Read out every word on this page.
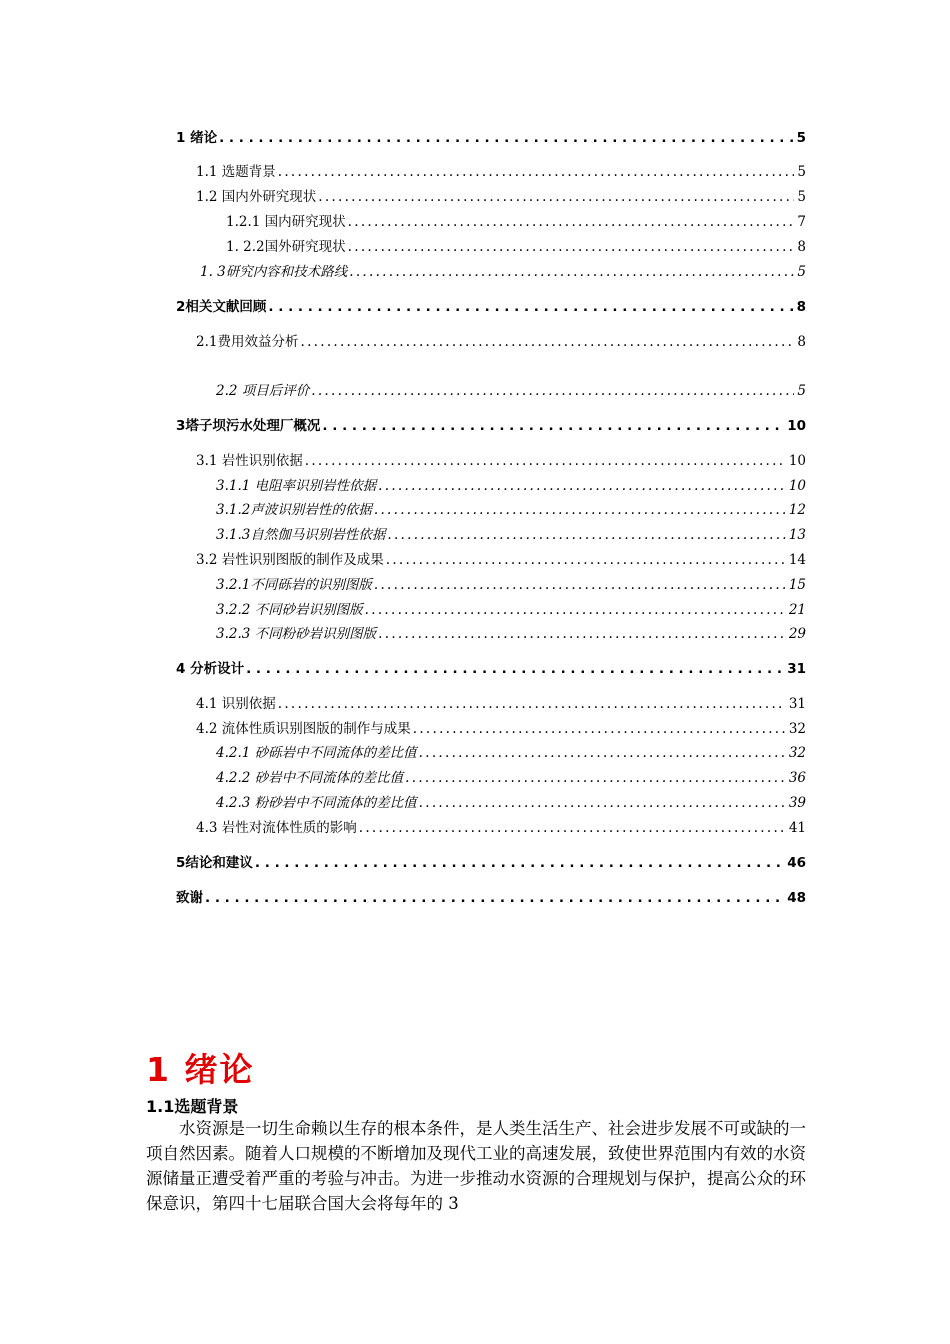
1 绪论 . . .	5
1.1 选题背景 . . .	5
1.2 国内外研究现状 . . .	5
1.2.1 国内研究现状 . . .	7
1. 2.2国外研究现状 . . .	8
1. 3研究内容和技术路线 . . .	5
2相关文献回顾 . . .	8
2.1费用效益分析 . . .	8
2.2 项目后评价 . . .	5
3塔子坝污水处理厂概况 . . .	10
3.1 岩性识别依据 . . .	10
3.1.1 电阻率识别岩性依据 . . .	10
3.1.2声波识别岩性的依据 . . .	12
3.1.3自然伽马识别岩性依据 . . .	13
3.2 岩性识别图版的制作及成果 . . .	14
3.2.1不同砾岩的识别图版 . . .	15
3.2.2 不同砂岩识别图版 . . .	21
3.2.3 不同粉砂岩识别图版 . . .	29
4 分析设计 . . .	31
4.1 识别依据 . . .	31
4.2 流体性质识别图版的制作与成果 . . .	32
4.2.1 砂砾岩中不同流体的差比值 . . .	32
4.2.2 砂岩中不同流体的差比值 . . .	36
4.2.3 粉砂岩中不同流体的差比值 . . .	39
4.3 岩性对流体性质的影响 . . .	41
5结论和建议 . . .	46
致谢 . . .	48
1 绪论
1.1选题背景
水资源是一切生命赖以生存的根本条件，是人类生活生产、社会进步发展不可或缺的一项自然因素。随着人口规模的不断增加及现代工业的高速发展，致使世界范围内有效的水资源储量正遭受着严重的考验与冲击。为进一步推动水资源的合理规划与保护，提高公众的环保意识，第四十七届联合国大会将每年的 3
